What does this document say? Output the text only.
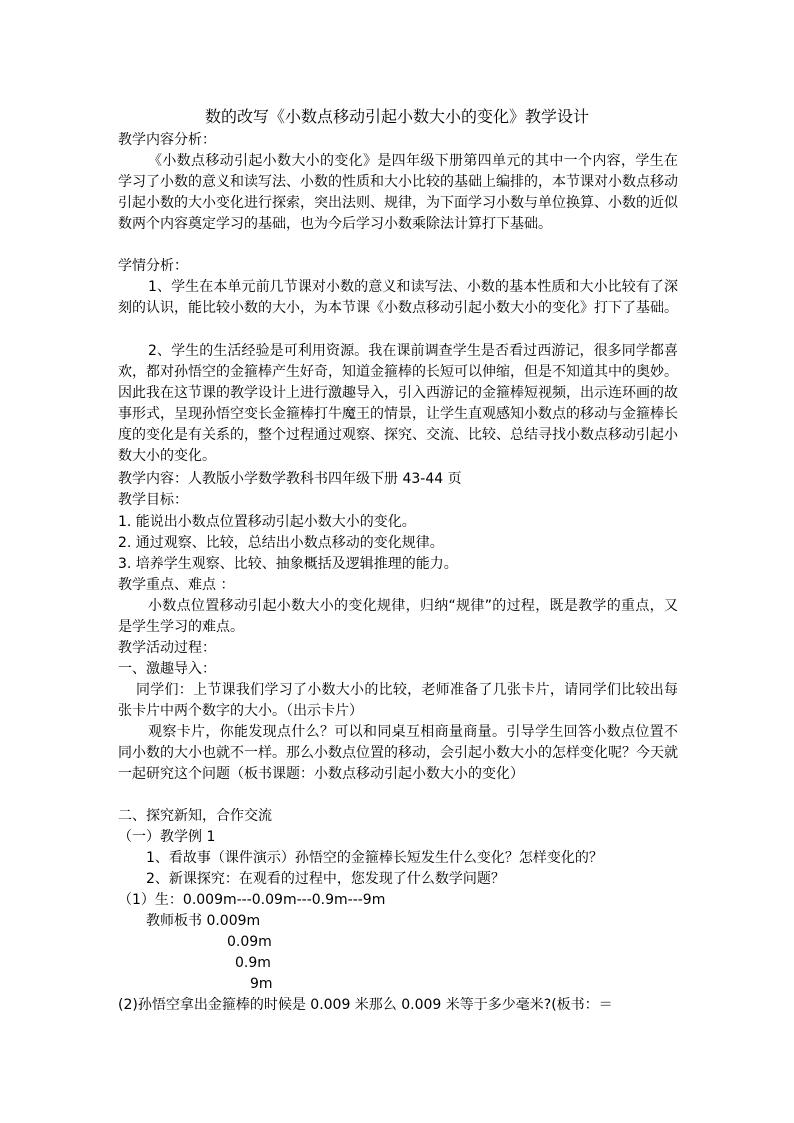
数的改写《小数点移动引起小数大小的变化》教学设计

教学内容分析：

《小数点移动引起小数大小的变化》是四年级下册第四单元的其中一个内容，学生在学习了小数的意义和读写法、小数的性质和大小比较的基础上编排的，本节课对小数点移动引起小数的大小变化进行探索，突出法则、规律，为下面学习小数与单位换算、小数的近似数两个内容奠定学习的基础，也为今后学习小数乘除法计算打下基础。

学情分析：

1、学生在本单元前几节课对小数的意义和读写法、小数的基本性质和大小比较有了深刻的认识，能比较小数的大小，为本节课《小数点移动引起小数大小的变化》打下了基础。

2、学生的生活经验是可利用资源。我在课前调查学生是否看过西游记，很多同学都喜欢，都对孙悟空的金箍棒产生好奇，知道金箍棒的长短可以伸缩，但是不知道其中的奥妙。因此我在这节课的教学设计上进行激趣导入，引入西游记的金箍棒短视频，出示连环画的故事形式，呈现孙悟空变长金箍棒打牛魔王的情景，让学生直观感知小数点的移动与金箍棒长度的变化是有关系的，整个过程通过观察、探究、交流、比较、总结寻找小数点移动引起小数大小的变化。

教学内容：人教版小学数学教科书四年级下册 43-44 页

教学目标：

1. 能说出小数点位置移动引起小数大小的变化。

2. 通过观察、比较，总结出小数点移动的变化规律。

3. 培养学生观察、比较、抽象概括及逻辑推理的能力。

教学重点、难点 ：

小数点位置移动引起小数大小的变化规律，归纳“规律”的过程，既是教学的重点，又是学生学习的难点。

教学活动过程：

一、激趣导入：

同学们：上节课我们学习了小数大小的比较，老师准备了几张卡片，请同学们比较出每张卡片中两个数字的大小。（出示卡片）

观察卡片，你能发现点什么？可以和同桌互相商量商量。引导学生回答小数点位置不同小数的大小也就不一样。那么小数点位置的移动，会引起小数大小的怎样变化呢？今天就一起研究这个问题（板书课题：小数点移动引起小数大小的变化）

二、探究新知，合作交流

（一）教学例 1

1、看故事（课件演示）孙悟空的金箍棒长短发生什么变化？怎样变化的？

2、新课探究：在观看的过程中，您发现了什么数学问题？

（1）生：0.009m---0.09m---0.9m---9m

教师板书 0.009m

0.09m

0.9m

9m

(2)孙悟空拿出金箍棒的时候是 0.009 米那么 0.009 米等于多少毫米?(板书：＝
